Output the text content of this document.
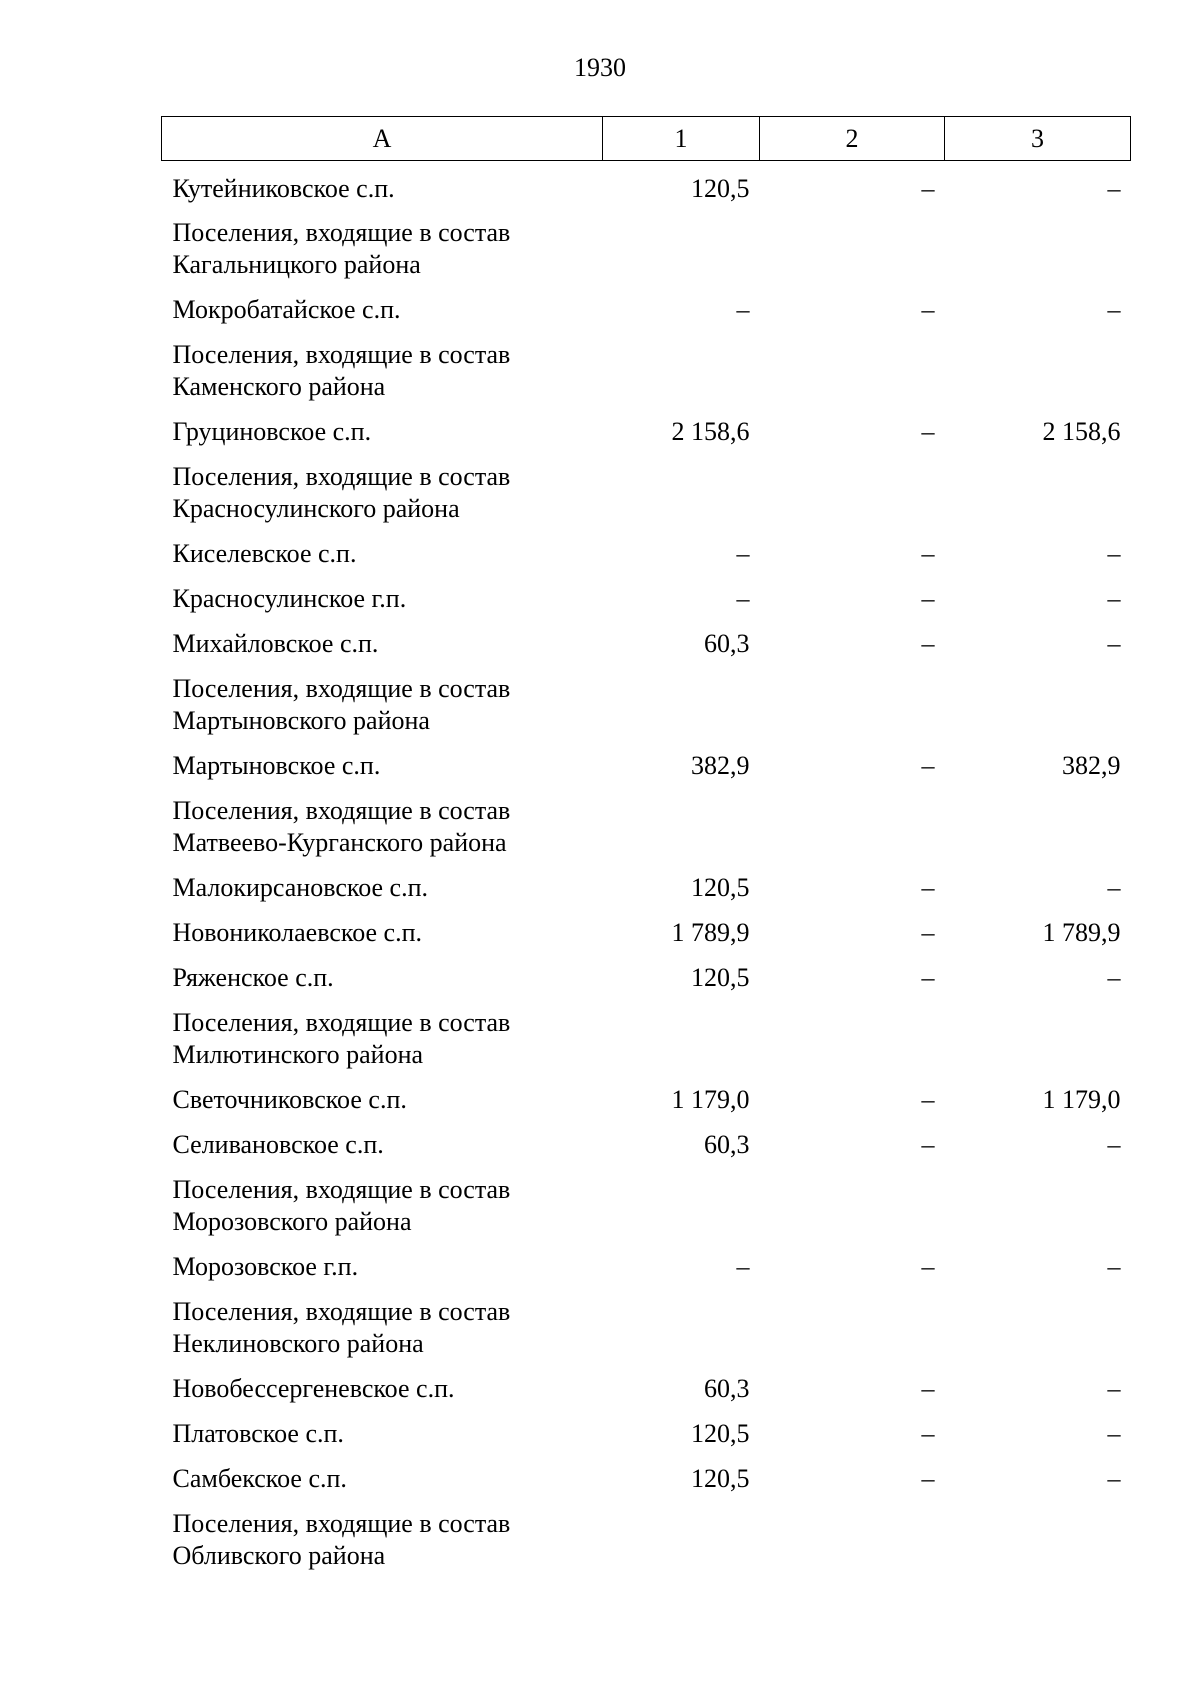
1930
А	1	2	3
Кутейниковское с.п.	120,5	–	–
Поселения, входящие в состав
Кагальницкого района			
Мокробатайское с.п.	–	–	–
Поселения, входящие в состав
Каменского района			
Груциновское с.п.	2 158,6	–	2 158,6
Поселения, входящие в состав
Красносулинского района			
Киселевское с.п.	–	–	–
Красносулинское г.п.	–	–	–
Михайловское с.п.	60,3	–	–
Поселения, входящие в состав
Мартыновского района			
Мартыновское с.п.	382,9	–	382,9
Поселения, входящие в состав
Матвеево-Курганского района			
Малокирсановское с.п.	120,5	–	–
Новониколаевское с.п.	1 789,9	–	1 789,9
Ряженское с.п.	120,5	–	–
Поселения, входящие в состав
Милютинского района			
Светочниковское с.п.	1 179,0	–	1 179,0
Селивановское с.п.	60,3	–	–
Поселения, входящие в состав
Морозовского района			
Морозовское г.п.	–	–	–
Поселения, входящие в состав
Неклиновского района			
Новобессергеневское с.п.	60,3	–	–
Платовское с.п.	120,5	–	–
Самбекское с.п.	120,5	–	–
Поселения, входящие в состав
Обливского района			
